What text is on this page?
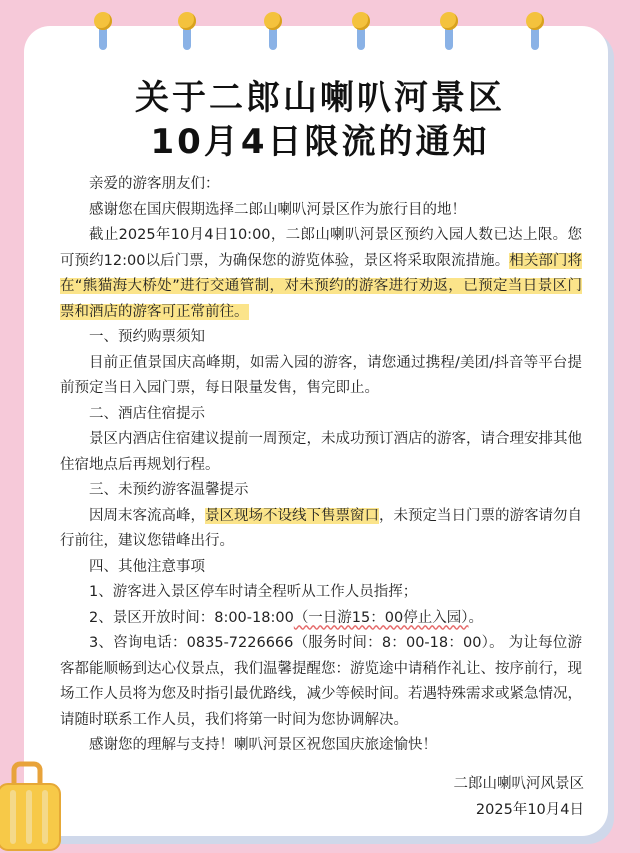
关于二郎山喇叭河景区
10月4日限流的通知

亲爱的游客朋友们：

感谢您在国庆假期选择二郎山喇叭河景区作为旅行目的地！

截止2025年10月4日10:00，二郎山喇叭河景区预约入园人数已达上限。您可预约12:00以后门票，为确保您的游览体验，景区将采取限流措施。相关部门将在“熊猫海大桥处”进行交通管制，对未预约的游客进行劝返，已预定当日景区门票和酒店的游客可正常前往。

一、预约购票须知

目前正值景国庆高峰期，如需入园的游客，请您通过携程/美团/抖音等平台提前预定当日入园门票，每日限量发售，售完即止。

二、酒店住宿提示

景区内酒店住宿建议提前一周预定，未成功预订酒店的游客，请合理安排其他住宿地点后再规划行程。

三、未预约游客温馨提示

因周末客流高峰，景区现场不设线下售票窗口，未预定当日门票的游客请勿自行前往，建议您错峰出行。

四、其他注意事项

1、游客进入景区停车时请全程听从工作人员指挥；

2、景区开放时间：8:00-18:00（一日游15：00停止入园）。

3、咨询电话：0835-7226666（服务时间：8：00-18：00）。 为让每位游客都能顺畅到达心仪景点，我们温馨提醒您：游览途中请稍作礼让、按序前行，现场工作人员将为您及时指引最优路线，减少等候时间。若遇特殊需求或紧急情况，请随时联系工作人员，我们将第一时间为您协调解决。

感谢您的理解与支持！喇叭河景区祝您国庆旅途愉快！

二郎山喇叭河风景区
2025年10月4日
